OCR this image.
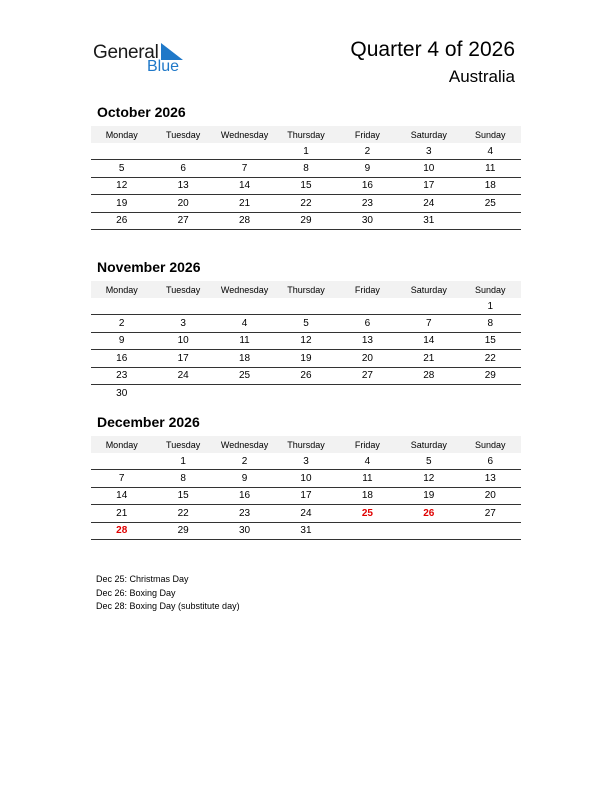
General
Blue
Quarter 4 of 2026
Australia
October 2026
Monday	Tuesday	Wednesday	Thursday	Friday	Saturday	Sunday
			1	2	3	4
5	6	7	8	9	10	11
12	13	14	15	16	17	18
19	20	21	22	23	24	25
26	27	28	29	30	31	
November 2026
Monday	Tuesday	Wednesday	Thursday	Friday	Saturday	Sunday
						1
2	3	4	5	6	7	8
9	10	11	12	13	14	15
16	17	18	19	20	21	22
23	24	25	26	27	28	29
30						
December 2026
Monday	Tuesday	Wednesday	Thursday	Friday	Saturday	Sunday
	1	2	3	4	5	6
7	8	9	10	11	12	13
14	15	16	17	18	19	20
21	22	23	24	25	26	27
28	29	30	31			
Dec 25: Christmas Day
Dec 26: Boxing Day
Dec 28: Boxing Day (substitute day)
